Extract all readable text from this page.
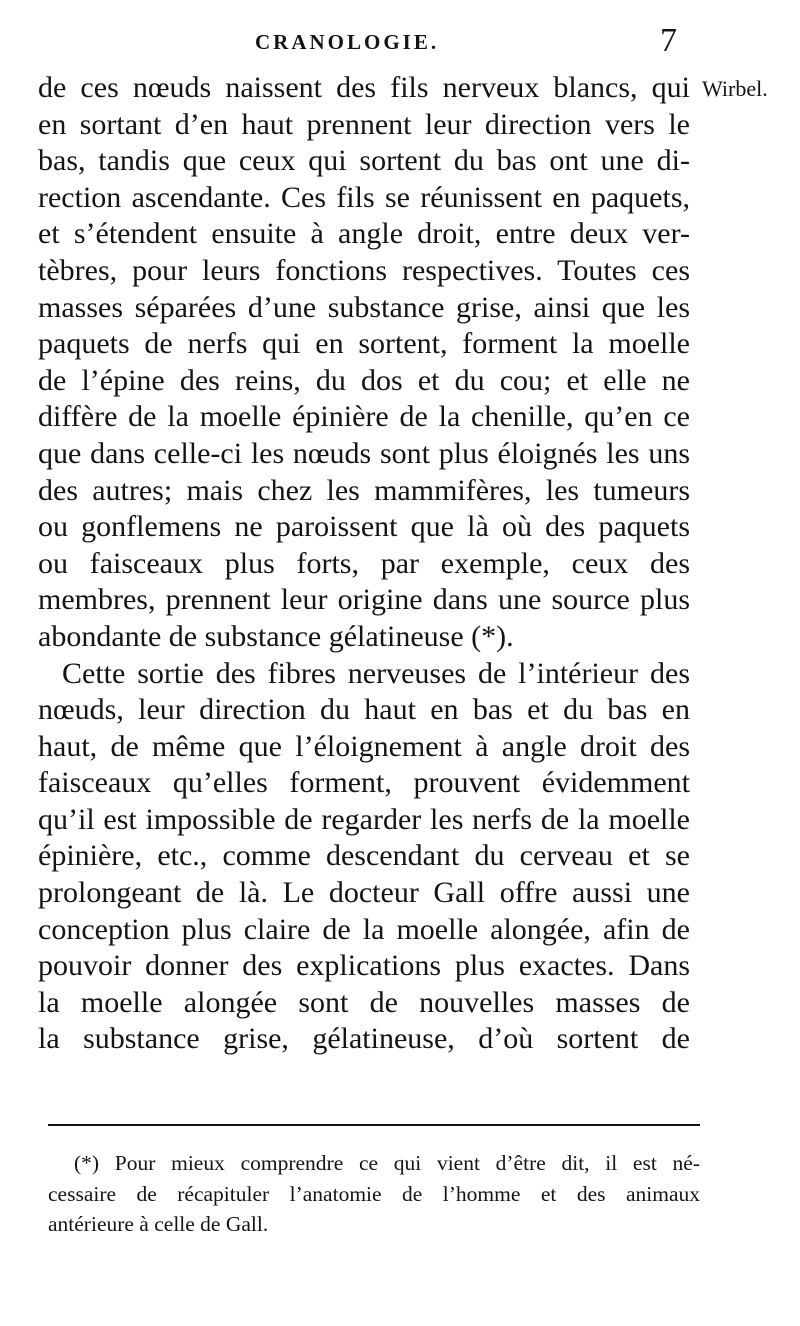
CRANOLOGIE.	7
Wirbel.
de ces nœuds naissent des fils nerveux blancs, qui
en sortant d’en haut prennent leur direction vers le
bas, tandis que ceux qui sortent du bas ont une di-
rection ascendante. Ces fils se réunissent en paquets,
et s’étendent ensuite à angle droit, entre deux ver-
tèbres, pour leurs fonctions respectives. Toutes ces
masses séparées d’une substance grise, ainsi que les
paquets de nerfs qui en sortent, forment la moelle
de l’épine des reins, du dos et du cou; et elle ne
diffère de la moelle épinière de la chenille, qu’en ce
que dans celle-ci les nœuds sont plus éloignés les uns
des autres; mais chez les mammifères, les tumeurs
ou gonflemens ne paroissent que là où des paquets
ou faisceaux plus forts, par exemple, ceux des
membres, prennent leur origine dans une source plus
abondante de substance gélatineuse (*).
Cette sortie des fibres nerveuses de l’intérieur des
nœuds, leur direction du haut en bas et du bas en
haut, de même que l’éloignement à angle droit des
faisceaux qu’elles forment, prouvent évidemment
qu’il est impossible de regarder les nerfs de la moelle
épinière, etc., comme descendant du cerveau et se
prolongeant de là. Le docteur Gall offre aussi une
conception plus claire de la moelle alongée, afin de
pouvoir donner des explications plus exactes. Dans
la moelle alongée sont de nouvelles masses de
la substance grise, gélatineuse, d’où sortent de
(*) Pour mieux comprendre ce qui vient d’être dit, il est né-
cessaire de récapituler l’anatomie de l’homme et des animaux
antérieure à celle de Gall.
